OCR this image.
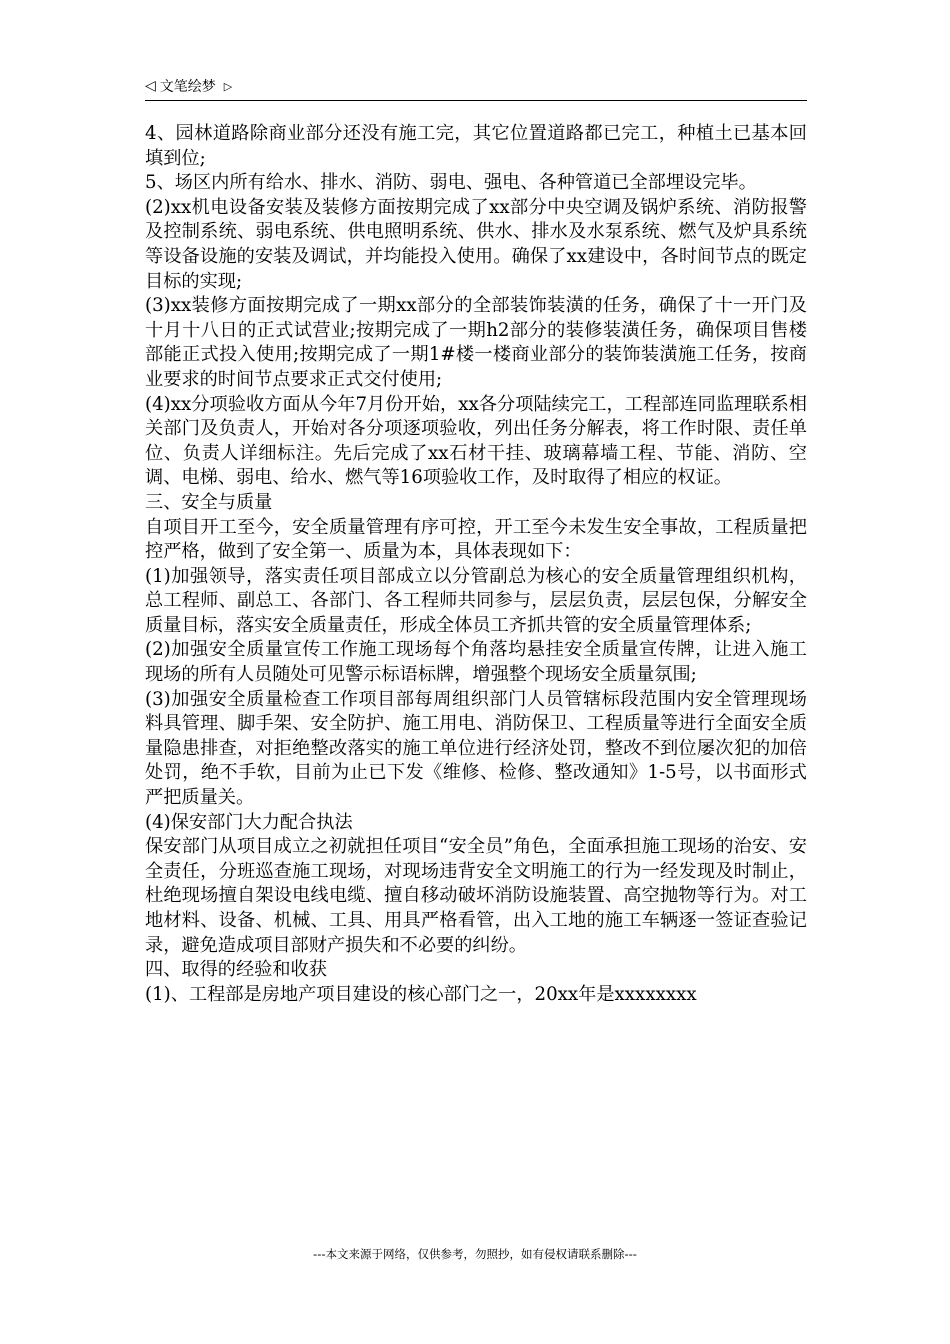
◁ 文笔绘梦 ▷

4、园林道路除商业部分还没有施工完，其它位置道路都已完工，种植土已基本回填到位;

5、场区内所有给水、排水、消防、弱电、强电、各种管道已全部埋设完毕。

(2)xx机电设备安装及装修方面按期完成了xx部分中央空调及锅炉系统、消防报警及控制系统、弱电系统、供电照明系统、供水、排水及水泵系统、燃气及炉具系统等设备设施的安装及调试，并均能投入使用。确保了xx建设中，各时间节点的既定目标的实现;

(3)xx装修方面按期完成了一期xx部分的全部装饰装潢的任务，确保了十一开门及十月十八日的正式试营业;按期完成了一期h2部分的装修装潢任务，确保项目售楼部能正式投入使用;按期完成了一期1#楼一楼商业部分的装饰装潢施工任务，按商业要求的时间节点要求正式交付使用;

(4)xx分项验收方面从今年7月份开始，xx各分项陆续完工，工程部连同监理联系相关部门及负责人，开始对各分项逐项验收，列出任务分解表，将工作时限、责任单位、负责人详细标注。先后完成了xx石材干挂、玻璃幕墙工程、节能、消防、空调、电梯、弱电、给水、燃气等16项验收工作，及时取得了相应的权证。

三、安全与质量

自项目开工至今，安全质量管理有序可控，开工至今未发生安全事故，工程质量把控严格，做到了安全第一、质量为本，具体表现如下：

(1)加强领导，落实责任项目部成立以分管副总为核心的安全质量管理组织机构，总工程师、副总工、各部门、各工程师共同参与，层层负责，层层包保，分解安全质量目标，落实安全质量责任，形成全体员工齐抓共管的安全质量管理体系;

(2)加强安全质量宣传工作施工现场每个角落均悬挂安全质量宣传牌，让进入施工现场的所有人员随处可见警示标语标牌，增强整个现场安全质量氛围;

(3)加强安全质量检查工作项目部每周组织部门人员管辖标段范围内安全管理现场料具管理、脚手架、安全防护、施工用电、消防保卫、工程质量等进行全面安全质量隐患排查，对拒绝整改落实的施工单位进行经济处罚，整改不到位屡次犯的加倍处罚，绝不手软，目前为止已下发《维修、检修、整改通知》1-5号，以书面形式严把质量关。

(4)保安部门大力配合执法

保安部门从项目成立之初就担任项目“安全员”角色，全面承担施工现场的治安、安全责任，分班巡查施工现场，对现场违背安全文明施工的行为一经发现及时制止，杜绝现场擅自架设电线电缆、擅自移动破坏消防设施装置、高空抛物等行为。对工地材料、设备、机械、工具、用具严格看管，出入工地的施工车辆逐一签证查验记录，避免造成项目部财产损失和不必要的纠纷。

四、取得的经验和收获

(1)、工程部是房地产项目建设的核心部门之一，20xx年是xxxxxxxx

---本文来源于网络，仅供参考，勿照抄，如有侵权请联系删除---
